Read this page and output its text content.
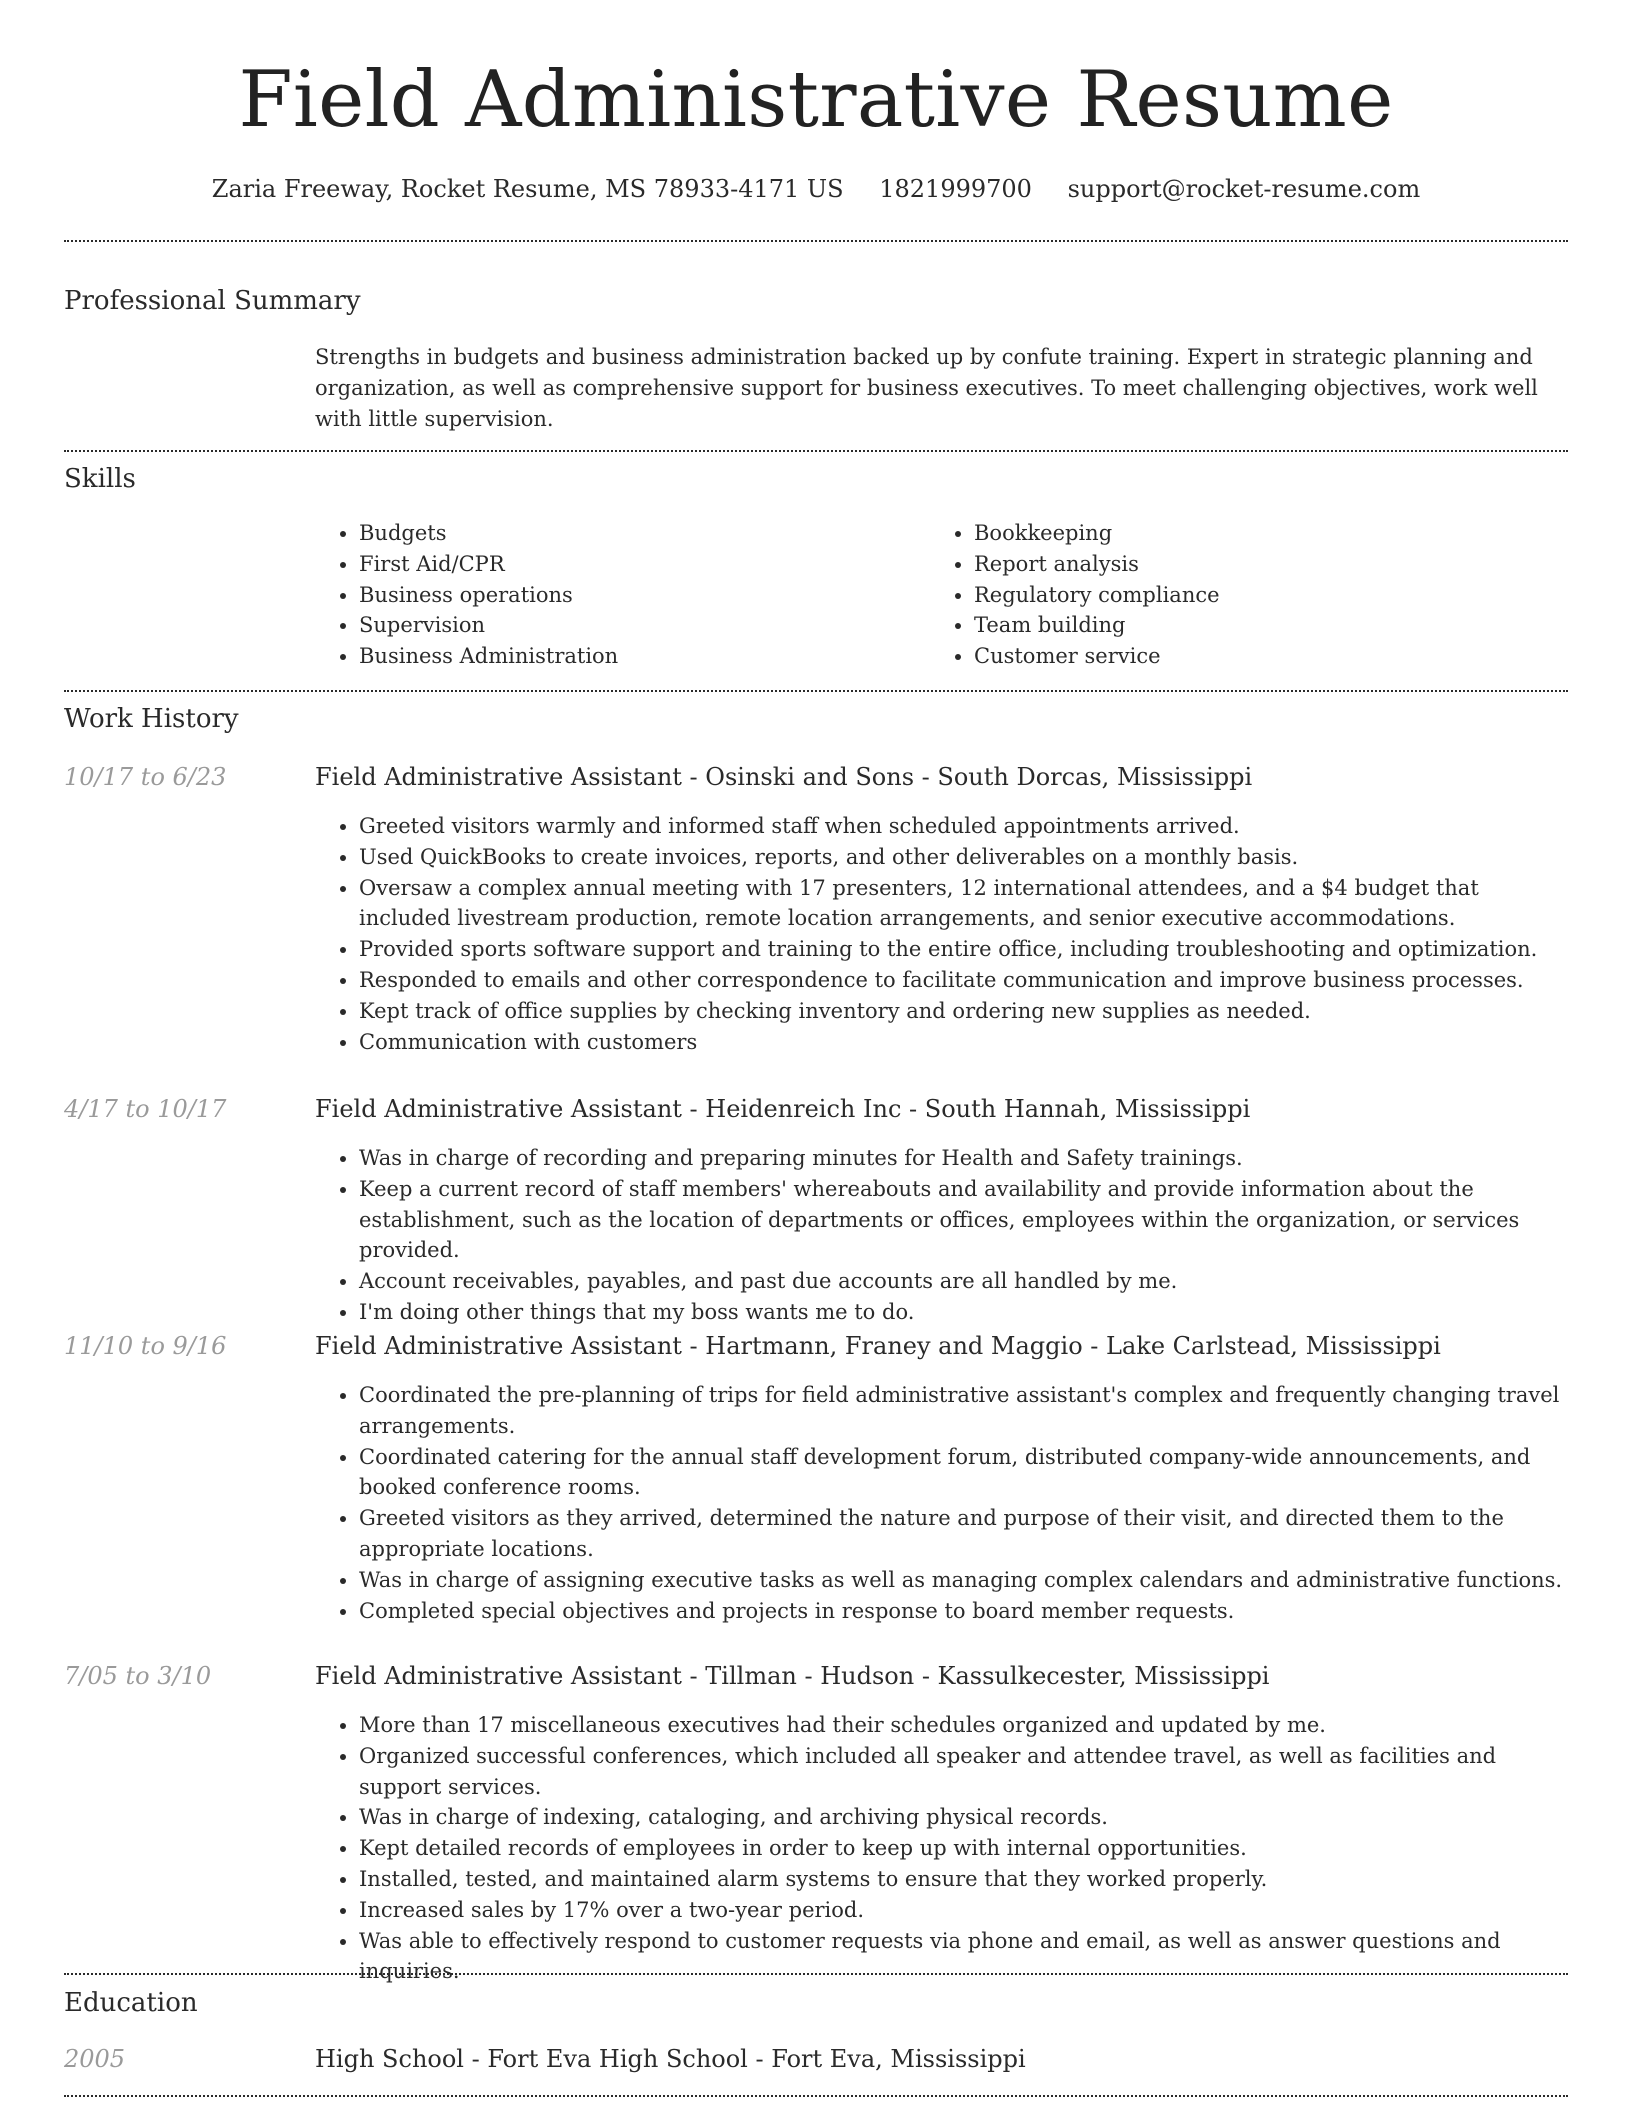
Field Administrative Resume
Zaria Freeway, Rocket Resume, MS 78933-4171 US 1821999700 support@rocket-resume.com
Professional Summary
Strengths in budgets and business administration backed up by confute training. Expert in strategic planning and organization, as well as comprehensive support for business executives. To meet challenging objectives, work well with little supervision.
Skills
• Budgets
• First Aid/CPR
• Business operations
• Supervision
• Business Administration
• Bookkeeping
• Report analysis
• Regulatory compliance
• Team building
• Customer service
Work History
10/17 to 6/23	Field Administrative Assistant - Osinski and Sons - South Dorcas, Mississippi
• Greeted visitors warmly and informed staff when scheduled appointments arrived.
• Used QuickBooks to create invoices, reports, and other deliverables on a monthly basis.
• Oversaw a complex annual meeting with 17 presenters, 12 international attendees, and a $4 budget that included livestream production, remote location arrangements, and senior executive accommodations.
• Provided sports software support and training to the entire office, including troubleshooting and optimization.
• Responded to emails and other correspondence to facilitate communication and improve business processes.
• Kept track of office supplies by checking inventory and ordering new supplies as needed.
• Communication with customers
4/17 to 10/17	Field Administrative Assistant - Heidenreich Inc - South Hannah, Mississippi
• Was in charge of recording and preparing minutes for Health and Safety trainings.
• Keep a current record of staff members' whereabouts and availability and provide information about the establishment, such as the location of departments or offices, employees within the organization, or services provided.
• Account receivables, payables, and past due accounts are all handled by me.
• I'm doing other things that my boss wants me to do.
11/10 to 9/16	Field Administrative Assistant - Hartmann, Franey and Maggio - Lake Carlstead, Mississippi
• Coordinated the pre-planning of trips for field administrative assistant's complex and frequently changing travel arrangements.
• Coordinated catering for the annual staff development forum, distributed company-wide announcements, and booked conference rooms.
• Greeted visitors as they arrived, determined the nature and purpose of their visit, and directed them to the appropriate locations.
• Was in charge of assigning executive tasks as well as managing complex calendars and administrative functions.
• Completed special objectives and projects in response to board member requests.
7/05 to 3/10	Field Administrative Assistant - Tillman - Hudson - Kassulkecester, Mississippi
• More than 17 miscellaneous executives had their schedules organized and updated by me.
• Organized successful conferences, which included all speaker and attendee travel, as well as facilities and support services.
• Was in charge of indexing, cataloging, and archiving physical records.
• Kept detailed records of employees in order to keep up with internal opportunities.
• Installed, tested, and maintained alarm systems to ensure that they worked properly.
• Increased sales by 17% over a two-year period.
• Was able to effectively respond to customer requests via phone and email, as well as answer questions and inquiries.
Education
2005	High School - Fort Eva High School - Fort Eva, Mississippi
